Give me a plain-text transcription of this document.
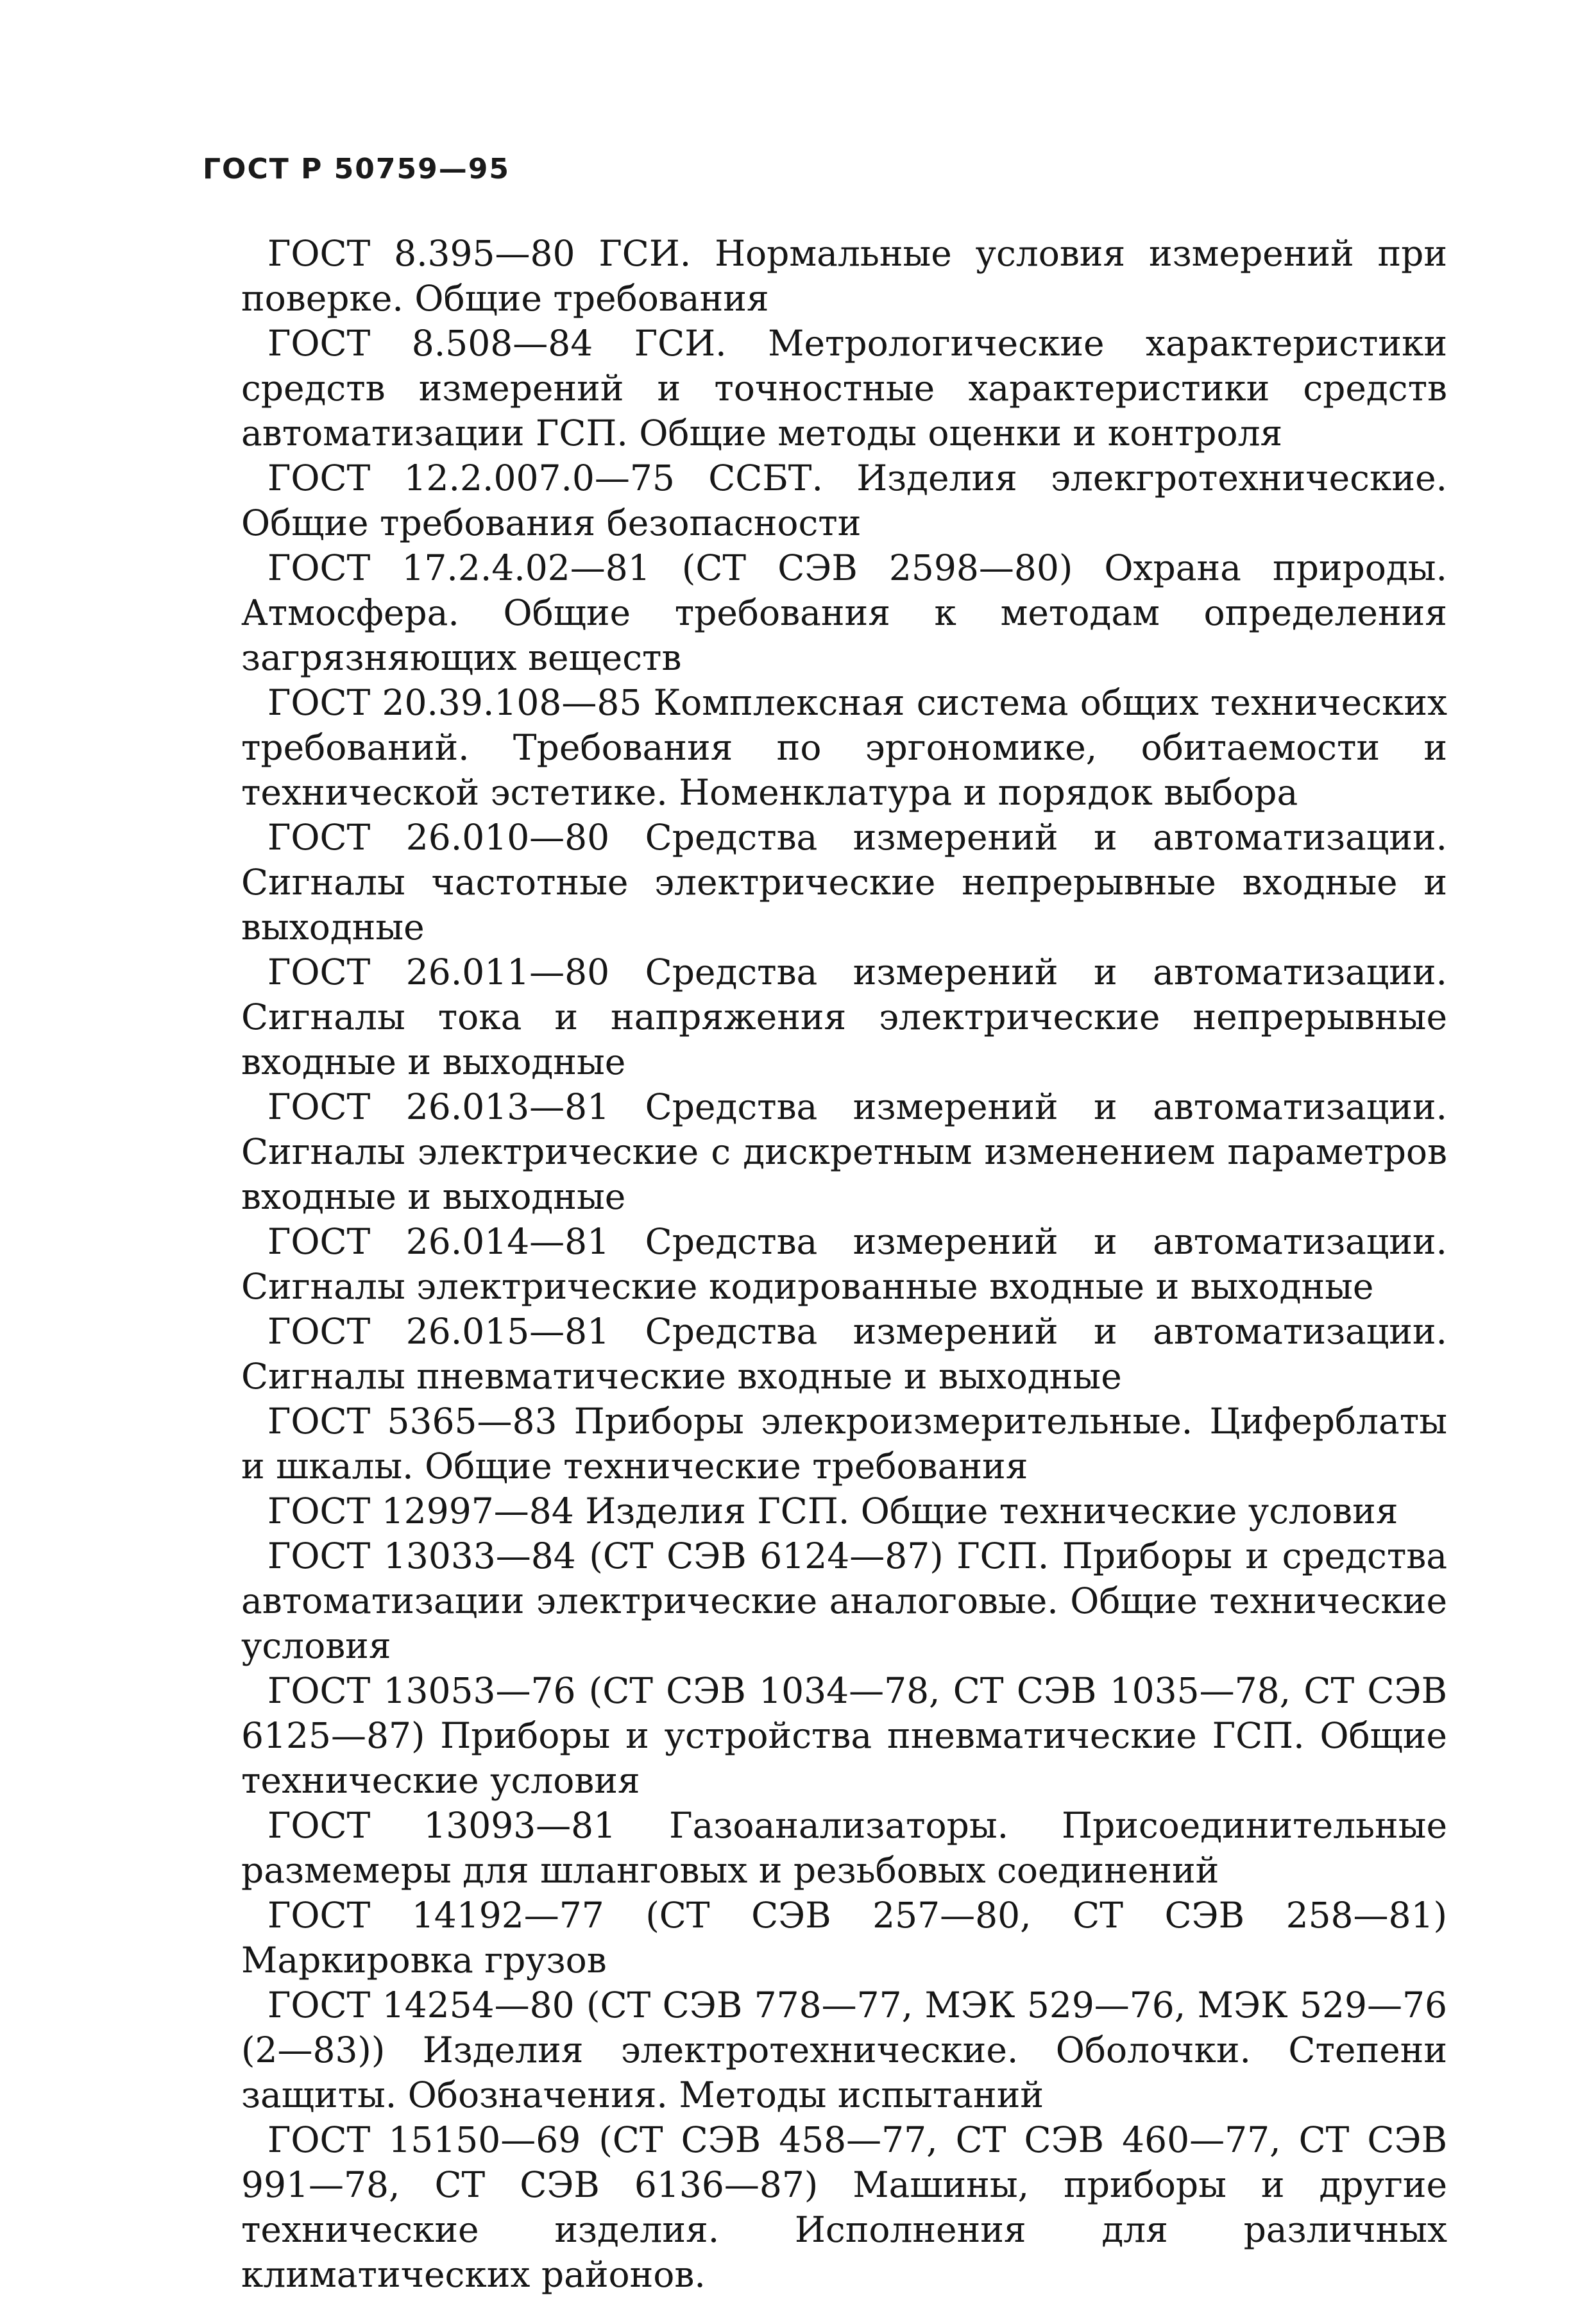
ГОСТ Р 50759—95

ГОСТ 8.395—80 ГСИ. Нормальные условия измерений при поверке. Общие требования

ГОСТ 8.508—84 ГСИ. Метрологические характеристики средств измерений и точностные характеристики средств автоматизации ГСП. Общие методы оценки и контроля

ГОСТ 12.2.007.0—75 ССБТ. Изделия элекгротехнические. Общие требования безопасности

ГОСТ 17.2.4.02—81 (СТ СЭВ 2598—80) Охрана природы. Атмосфера. Общие требования к методам определения загрязняющих веществ

ГОСТ 20.39.108—85 Комплексная система общих технических требований. Требования по эргономике, обитаемости и технической эстетике. Номенклатура и порядок выбора

ГОСТ 26.010—80 Средства измерений и автоматизации. Сигналы частотные электрические непрерывные входные и выходные

ГОСТ 26.011—80 Средства измерений и автоматизации. Сигналы тока и напряжения электрические непрерывные входные и выходные

ГОСТ 26.013—81 Средства измерений и автоматизации. Сигналы электрические с дискретным изменением параметров входные и выходные

ГОСТ 26.014—81 Средства измерений и автоматизации. Сигналы электрические кодированные входные и выходные

ГОСТ 26.015—81 Средства измерений и автоматизации. Сигналы пневматические входные и выходные

ГОСТ 5365—83 Приборы элекроизмерительные. Циферблаты и шкалы. Общие технические требования

ГОСТ 12997—84 Изделия ГСП. Общие технические условия

ГОСТ 13033—84 (СТ СЭВ 6124—87) ГСП. Приборы и средства автоматизации электрические аналоговые. Общие технические условия

ГОСТ 13053—76 (СТ СЭВ 1034—78, СТ СЭВ 1035—78, СТ СЭВ 6125—87) Приборы и устройства пневматические ГСП. Общие технические условия

ГОСТ 13093—81 Газоанализаторы. Присоединительные размемеры для шланговых и резьбовых соединений

ГОСТ 14192—77 (СТ СЭВ 257—80, СТ СЭВ 258—81) Маркировка грузов

ГОСТ 14254—80 (СТ СЭВ 778—77, МЭК 529—76, МЭК 529—76 (2—83)) Изделия электротехнические. Оболочки. Степени защиты. Обозначения. Методы испытаний

ГОСТ 15150—69 (СТ СЭВ 458—77, СТ СЭВ 460—77, СТ СЭВ 991—78, СТ СЭВ 6136—87) Машины, приборы и другие технические изделия. Исполнения для различных климатических районов.
